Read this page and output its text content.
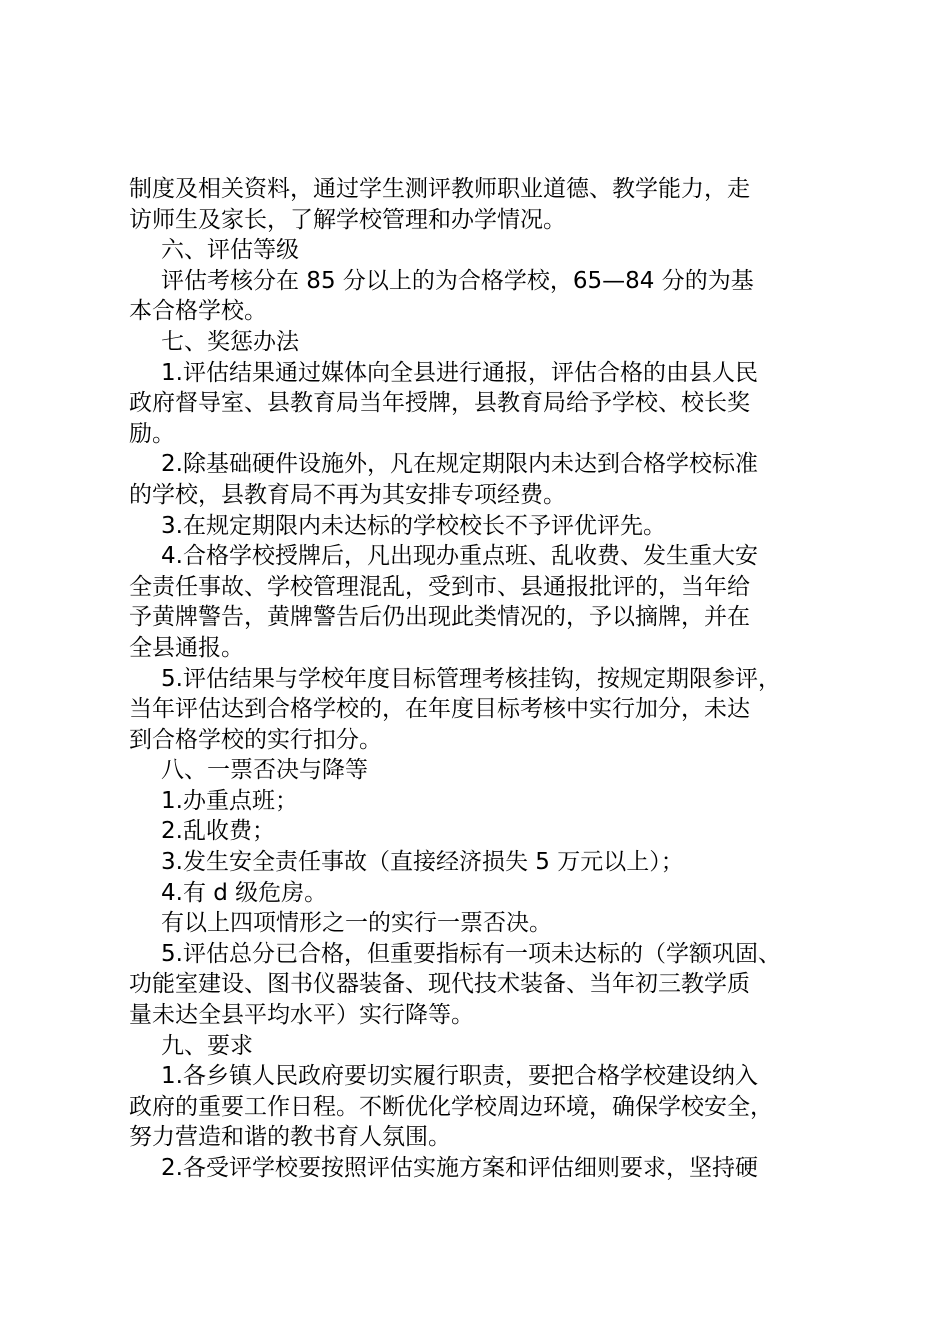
制度及相关资料，通过学生测评教师职业道德、教学能力，走

访师生及家长，了解学校管理和办学情况。

六、评估等级

评估考核分在 85 分以上的为合格学校，65—84 分的为基

本合格学校。

七、奖惩办法

1.评估结果通过媒体向全县进行通报，评估合格的由县人民

政府督导室、县教育局当年授牌，县教育局给予学校、校长奖

励。

2.除基础硬件设施外，凡在规定期限内未达到合格学校标准

的学校，县教育局不再为其安排专项经费。

3.在规定期限内未达标的学校校长不予评优评先。

4.合格学校授牌后，凡出现办重点班、乱收费、发生重大安

全责任事故、学校管理混乱，受到市、县通报批评的，当年给

予黄牌警告，黄牌警告后仍出现此类情况的，予以摘牌，并在

全县通报。

5.评估结果与学校年度目标管理考核挂钩，按规定期限参评，

当年评估达到合格学校的，在年度目标考核中实行加分，未达

到合格学校的实行扣分。

八、一票否决与降等

1.办重点班；

2.乱收费；

3.发生安全责任事故（直接经济损失 5 万元以上）；

4.有 d 级危房。

有以上四项情形之一的实行一票否决。

5.评估总分已合格，但重要指标有一项未达标的（学额巩固、

功能室建设、图书仪器装备、现代技术装备、当年初三教学质

量未达全县平均水平）实行降等。

九、要求

1.各乡镇人民政府要切实履行职责，要把合格学校建设纳入

政府的重要工作日程。不断优化学校周边环境，确保学校安全，

努力营造和谐的教书育人氛围。

2.各受评学校要按照评估实施方案和评估细则要求，坚持硬
